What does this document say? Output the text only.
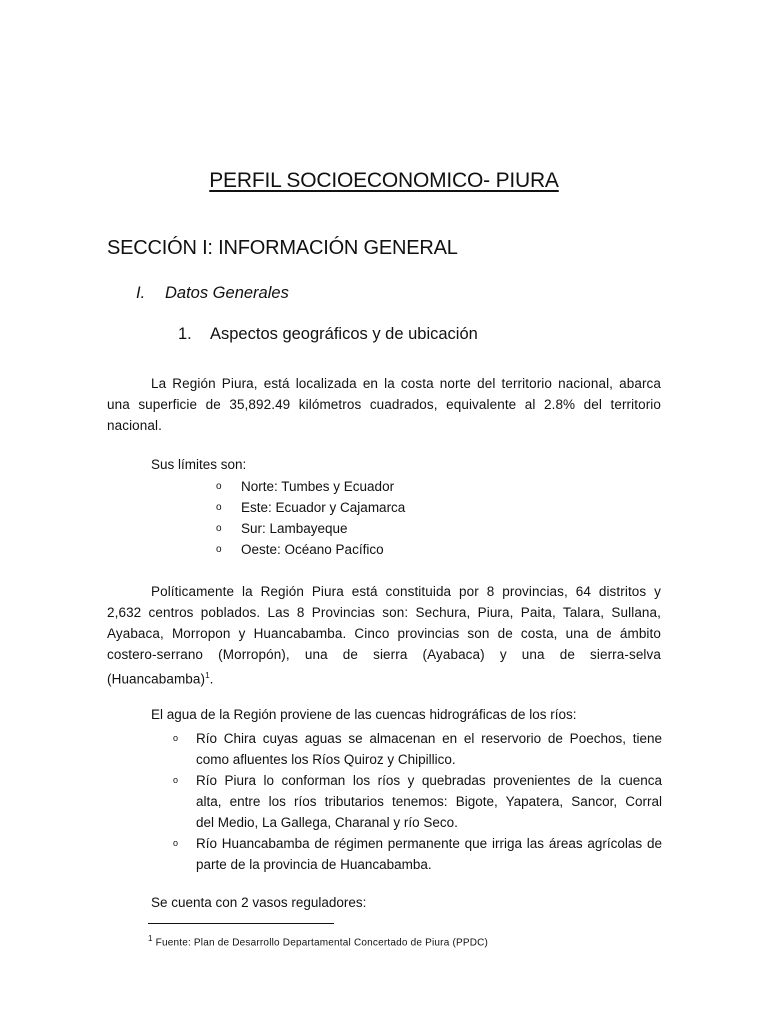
PERFIL SOCIOECONOMICO- PIURA
SECCIÓN I: INFORMACIÓN GENERAL
I. Datos Generales
1. Aspectos geográficos y de ubicación
La Región Piura, está localizada en la costa norte del territorio nacional, abarca
una superficie de 35,892.49 kilómetros cuadrados, equivalente al 2.8% del territorio
nacional.
Sus límites son:
o	Norte: Tumbes y Ecuador
o	Este: Ecuador y Cajamarca
o	Sur: Lambayeque
o	Oeste: Océano Pacífico
Políticamente la Región Piura está constituida por 8 provincias, 64 distritos y
2,632 centros poblados. Las 8 Provincias son: Sechura, Piura, Paita, Talara, Sullana,
Ayabaca, Morropon y Huancabamba. Cinco provincias son de costa, una de ámbito
costero-serrano (Morropón), una de sierra (Ayabaca) y una de sierra-selva
(Huancabamba)$^1$.
El agua de la Región proviene de las cuencas hidrográficas de los ríos:
o	Río Chira cuyas aguas se almacenan en el reservorio de Poechos, tiene
como afluentes los Ríos Quiroz y Chipillico.
o	Río Piura lo conforman los ríos y quebradas provenientes de la cuenca
alta, entre los ríos tributarios tenemos: Bigote, Yapatera, Sancor, Corral
del Medio, La Gallega, Charanal y río Seco.
o	Río Huancabamba de régimen permanente que irriga las áreas agrícolas de
parte de la provincia de Huancabamba.
Se cuenta con 2 vasos reguladores:
$^1$ Fuente: Plan de Desarrollo Departamental Concertado de Piura (PPDC)
